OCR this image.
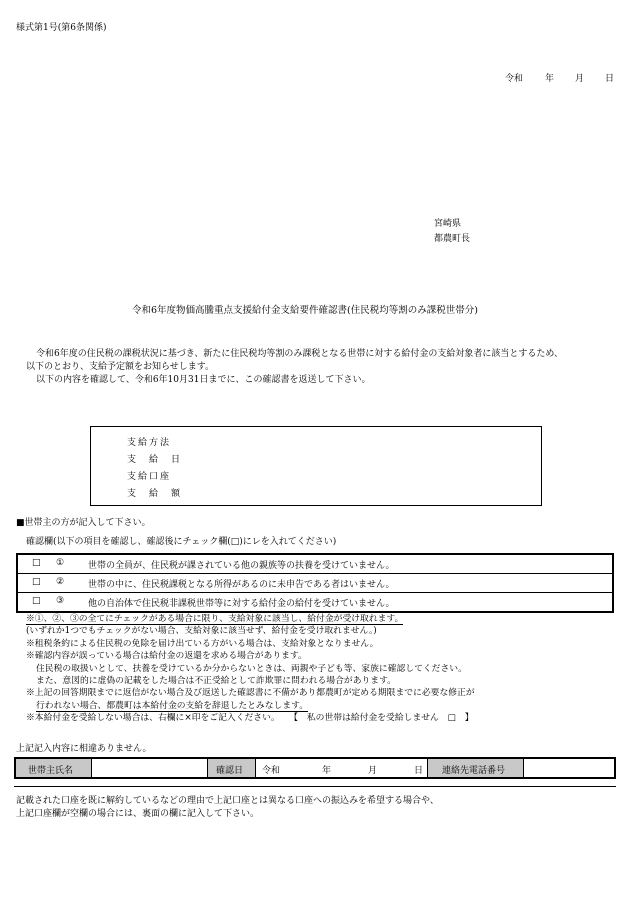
様式第1号(第6条関係)
令和 年 月 日
宮崎県
都農町長
令和6年度物価高騰重点支援給付金支給要件確認書(住民税均等割のみ課税世帯分)
令和6年度の住民税の課税状況に基づき、新たに住民税均等割のみ課税となる世帯に対する給付金の支給対象者に該当とするため、
以下のとおり、支給予定額をお知らせします。
以下の内容を確認して、令和6年10月31日までに、この確認書を返送して下さい。
支給方法
支　給　日
支給口座
支　給　額
■世帯主の方が記入して下さい。
確認欄(以下の項目を確認し、確認後にチェック欄(□)にレを入れてください)
□ ①	世帯の全員が、住民税が課されている他の親族等の扶養を受けていません。
□ ②	世帯の中に、住民税課税となる所得があるのに未申告である者はいません。
□ ③	他の自治体で住民税非課税世帯等に対する給付金の給付を受けていません。
※①、②、③の全てにチェックがある場合に限り、支給対象に該当し、給付金が受け取れます。
(いずれか1つでもチェックがない場合、支給対象に該当せず、給付金を受け取れません。)
※租税条約による住民税の免除を届け出ている方がいる場合は、支給対象となりません。
※確認内容が誤っている場合は給付金の返還を求める場合があります。
住民税の取扱いとして、扶養を受けているか分からないときは、両親や子ども等、家族に確認してください。
また、意図的に虚偽の記載をした場合は不正受給として詐欺罪に問われる場合があります。
※上記の回答期限までに返信がない場合及び返送した確認書に不備があり都農町が定める期限までに必要な修正が
行われない場合、都農町は本給付金の支給を辞退したとみなします。
※本給付金を受給しない場合は、右欄に×印をご記入ください。 【　私の世帯は給付金を受給しません　□　】
上記記入内容に相違ありません。
世帯主氏名	確認日 令和	年	月	日 連絡先電話番号
記載された口座を既に解約しているなどの理由で上記口座とは異なる口座への振込みを希望する場合や、
上記口座欄が空欄の場合には、裏面の欄に記入して下さい。
